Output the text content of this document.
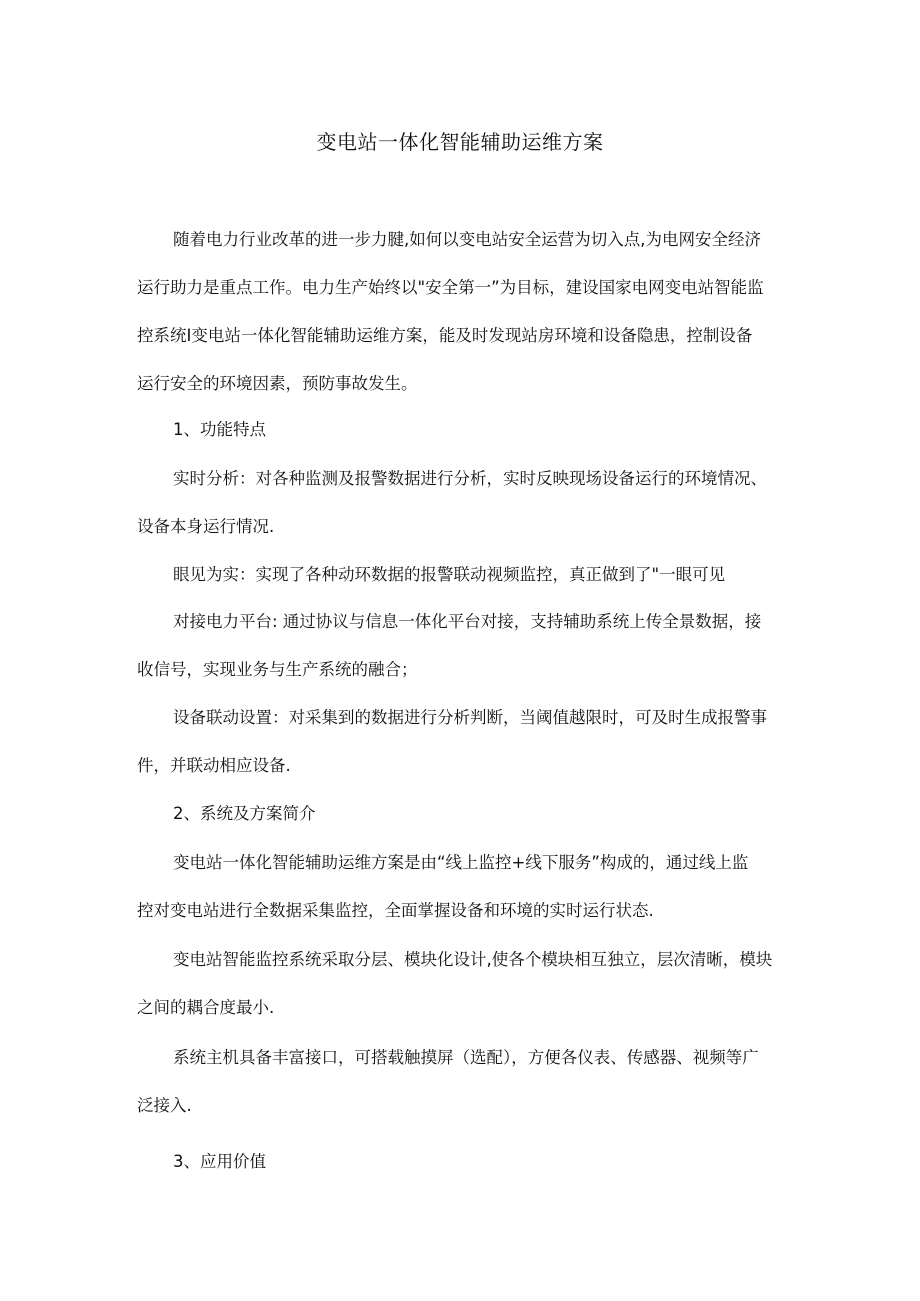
变电站一体化智能辅助运维方案
随着电力行业改革的进一步力腱,如何以变电站安全运营为切入点,为电网安全经济
运行助力是重点工作。电力生产始终以"安全第一”为目标，建设国家电网变电站智能监
控系统I变电站一体化智能辅助运维方案，能及时发现站房环境和设备隐患，控制设备
运行安全的环境因素，预防事故发生。
1、功能特点
实时分析：对各种监测及报警数据进行分析，实时反映现场设备运行的环境情况、
设备本身运行情况.
眼见为实：实现了各种动环数据的报警联动视频监控，真正做到了"一眼可见
对接电力平台: 通过协议与信息一体化平台对接，支持辅助系统上传全景数据，接
收信号，实现业务与生产系统的融合；
设备联动设置：对采集到的数据进行分析判断，当阈值越限时，可及时生成报警事
件，并联动相应设备.
2、系统及方案简介
变电站一体化智能辅助运维方案是由“线上监控+线下服务”构成的，通过线上监
控对变电站进行全数据采集监控，全面掌握设备和环境的实时运行状态.
变电站智能监控系统采取分层、模块化设计,使各个模块相互独立，层次清晰，模块
之间的耦合度最小.
系统主机具备丰富接口，可搭载触摸屏（选配），方便各仪表、传感器、视频等广
泛接入.
3、应用价值
